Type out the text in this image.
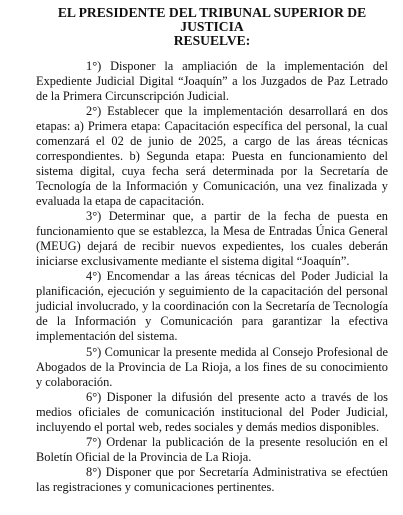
EL PRESIDENTE DEL TRIBUNAL SUPERIOR DE

JUSTICIA

RESUELVE:

1°) Disponer la ampliación de la implementación del Expediente Judicial Digital “Joaquín” a los Juzgados de Paz Letrado de la Primera Circunscripción Judicial.

2°) Establecer que la implementación desarrollará en dos etapas: a) Primera etapa: Capacitación específica del personal, la cual comenzará el 02 de junio de 2025, a cargo de las áreas técnicas correspondientes. b) Segunda etapa: Puesta en funcionamiento del sistema digital, cuya fecha será determinada por la Secretaría de Tecnología de la Información y Comunicación, una vez finalizada y evaluada la etapa de capacitación.

3°) Determinar que, a partir de la fecha de puesta en funcionamiento que se establezca, la Mesa de Entradas Única General (MEUG) dejará de recibir nuevos expedientes, los cuales deberán iniciarse exclusivamente mediante el sistema digital “Joaquín”.

4°) Encomendar a las áreas técnicas del Poder Judicial la planificación, ejecución y seguimiento de la capacitación del personal judicial involucrado, y la coordinación con la Secretaría de Tecnología de la Información y Comunicación para garantizar la efectiva implementación del sistema.

5°) Comunicar la presente medida al Consejo Profesional de Abogados de la Provincia de La Rioja, a los fines de su conocimiento y colaboración.

6°) Disponer la difusión del presente acto a través de los medios oficiales de comunicación institucional del Poder Judicial, incluyendo el portal web, redes sociales y demás medios disponibles.

7°) Ordenar la publicación de la presente resolución en el Boletín Oficial de la Provincia de La Rioja.

8°) Disponer que por Secretaría Administrativa se efectúen las registraciones y comunicaciones pertinentes.
